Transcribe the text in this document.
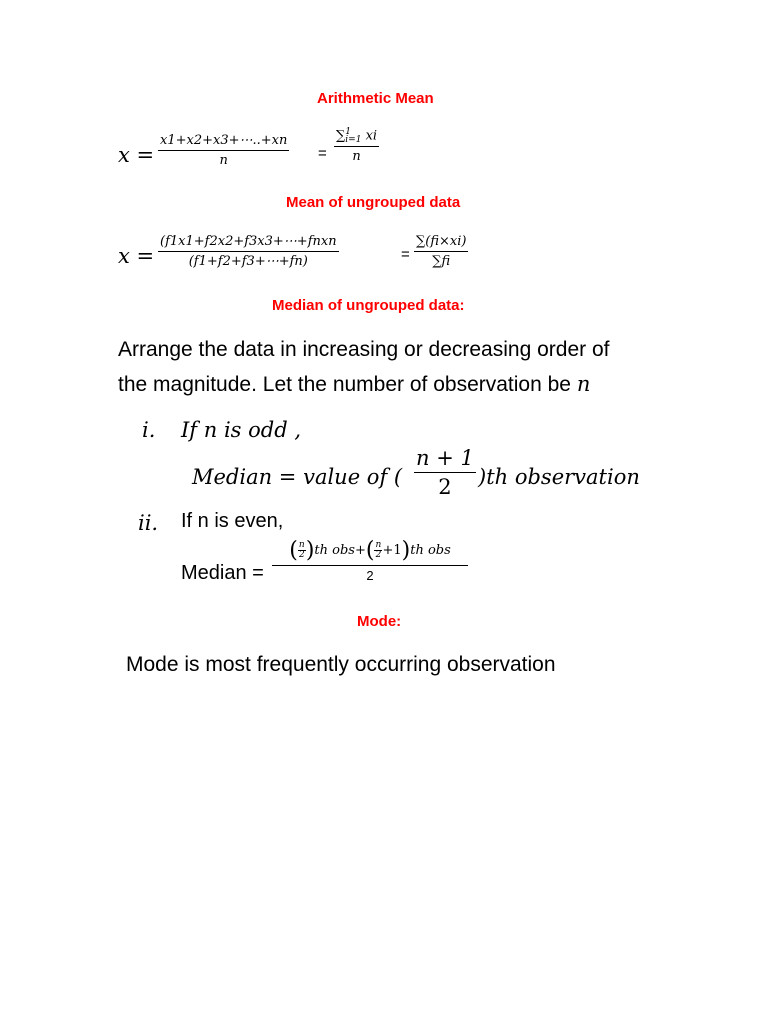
Arithmetic Mean
x =
x1+x2+x3+⋯..+xn
n	=
∑ 1
i=1 xi
n
Mean of ungrouped data
x =
(f1x1+f2x2+f3x3+⋯+fnxn
(f1+f2+f3+⋯+fn)	=
∑(fi×xi)
∑fi
Median of ungrouped data:
Arrange the data in increasing or decreasing order of
the magnitude. Let the number of observation be n
i. If n is odd ,
Median = value of (
n + 1
2 )th observation
ii. If n is even,
Median =
( n
2 ) th obs+ ( n
2 +1 ) th obs
2
Mode:
Mode is most frequently occurring observation
